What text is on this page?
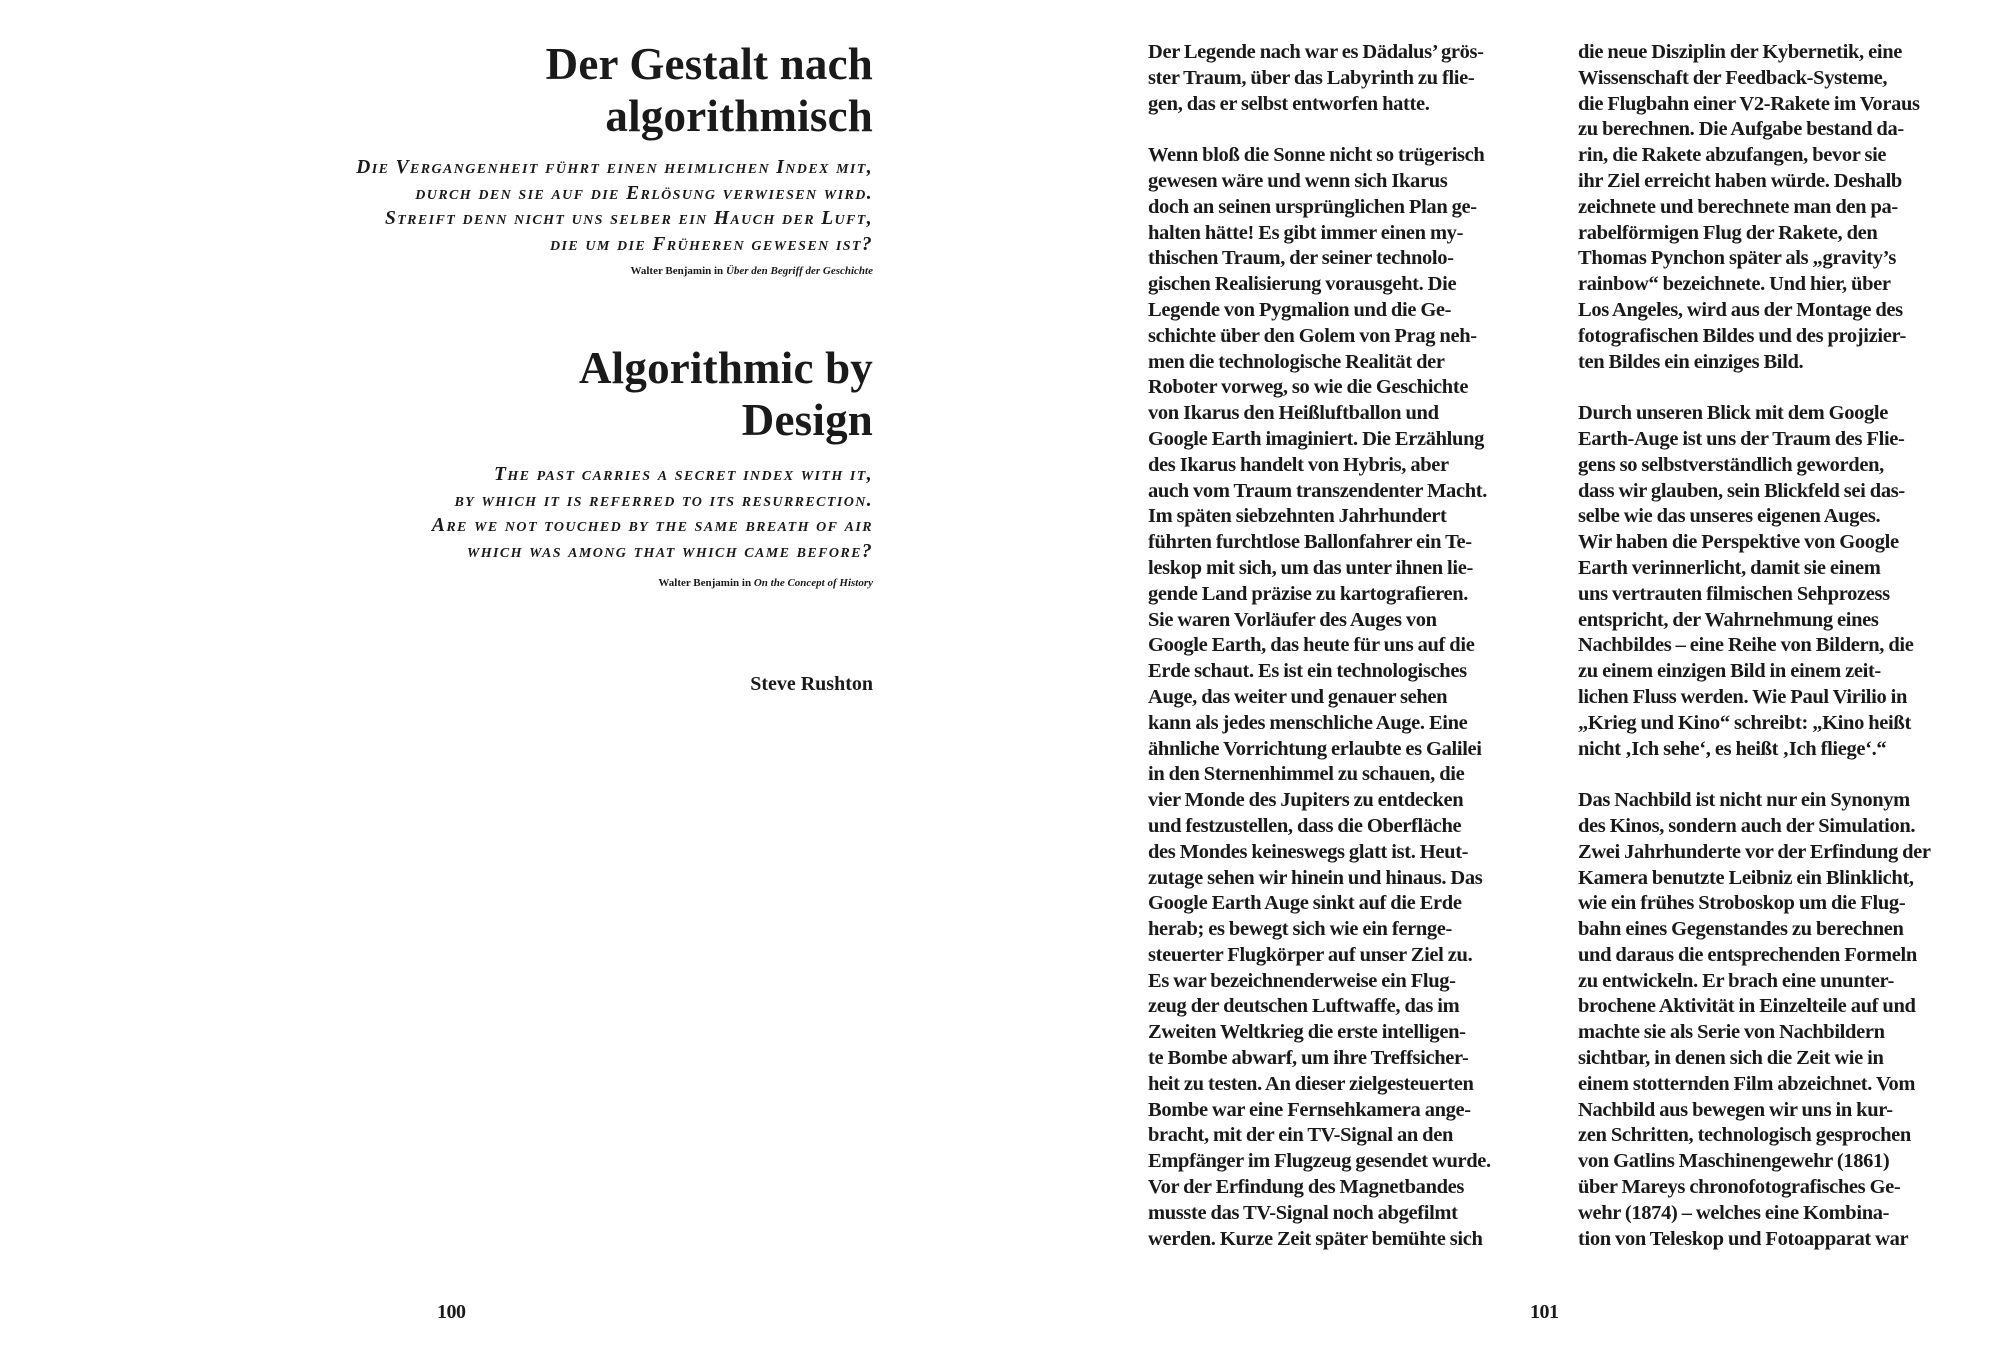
Der Gestalt nach
algorithmisch

Die Vergangenheit führt einen heimlichen Index mit,
durch den sie auf die Erlösung verwiesen wird.
Streift denn nicht uns selber ein Hauch der Luft,
die um die Früheren gewesen ist?

Walter Benjamin in Über den Begriff der Geschichte

Algorithmic by
Design

The past carries a secret index with it,
by which it is referred to its resurrection.
Are we not touched by the same breath of air
which was among that which came before?

Walter Benjamin in On the Concept of History

Steve Rushton

100

Der Legende nach war es Dädalus’ grös-
ster Traum, über das Labyrinth zu flie-
gen, das er selbst entworfen hatte.

Wenn bloß die Sonne nicht so trügerisch
gewesen wäre und wenn sich Ikarus
doch an seinen ursprünglichen Plan ge-
halten hätte! Es gibt immer einen my-
thischen Traum, der seiner technolo-
gischen Realisierung vorausgeht. Die
Legende von Pygmalion und die Ge-
schichte über den Golem von Prag neh-
men die technologische Realität der
Roboter vorweg, so wie die Geschichte
von Ikarus den Heißluftballon und
Google Earth imaginiert. Die Erzählung
des Ikarus handelt von Hybris, aber
auch vom Traum transzendenter Macht.
Im späten siebzehnten Jahrhundert
führten furchtlose Ballonfahrer ein Te-
leskop mit sich, um das unter ihnen lie-
gende Land präzise zu kartografieren.
Sie waren Vorläufer des Auges von
Google Earth, das heute für uns auf die
Erde schaut. Es ist ein technologisches
Auge, das weiter und genauer sehen
kann als jedes menschliche Auge. Eine
ähnliche Vorrichtung erlaubte es Galilei
in den Sternenhimmel zu schauen, die
vier Monde des Jupiters zu entdecken
und festzustellen, dass die Oberfläche
des Mondes keineswegs glatt ist. Heut-
zutage sehen wir hinein und hinaus. Das
Google Earth Auge sinkt auf die Erde
herab; es bewegt sich wie ein fernge-
steuerter Flugkörper auf unser Ziel zu.
Es war bezeichnenderweise ein Flug-
zeug der deutschen Luftwaffe, das im
Zweiten Weltkrieg die erste intelligen-
te Bombe abwarf, um ihre Treffsicher-
heit zu testen. An dieser zielgesteuerten
Bombe war eine Fernsehkamera ange-
bracht, mit der ein TV-Signal an den
Empfänger im Flugzeug gesendet wurde.
Vor der Erfindung des Magnetbandes
musste das TV-Signal noch abgefilmt
werden. Kurze Zeit später bemühte sich

die neue Disziplin der Kybernetik, eine
Wissenschaft der Feedback-Systeme,
die Flugbahn einer V2-Rakete im Voraus
zu berechnen. Die Aufgabe bestand da-
rin, die Rakete abzufangen, bevor sie
ihr Ziel erreicht haben würde. Deshalb
zeichnete und berechnete man den pa-
rabelförmigen Flug der Rakete, den
Thomas Pynchon später als „gravity’s
rainbow“ bezeichnete. Und hier, über
Los Angeles, wird aus der Montage des
fotografischen Bildes und des projizier-
ten Bildes ein einziges Bild.

Durch unseren Blick mit dem Google
Earth-Auge ist uns der Traum des Flie-
gens so selbstverständlich geworden,
dass wir glauben, sein Blickfeld sei das-
selbe wie das unseres eigenen Auges.
Wir haben die Perspektive von Google
Earth verinnerlicht, damit sie einem
uns vertrauten filmischen Sehprozess
entspricht, der Wahrnehmung eines
Nachbildes – eine Reihe von Bildern, die
zu einem einzigen Bild in einem zeit-
lichen Fluss werden. Wie Paul Virilio in
„Krieg und Kino“ schreibt: „Kino heißt
nicht ‚Ich sehe‘, es heißt ‚Ich fliege‘.“

Das Nachbild ist nicht nur ein Synonym
des Kinos, sondern auch der Simulation.
Zwei Jahrhunderte vor der Erfindung der
Kamera benutzte Leibniz ein Blinklicht,
wie ein frühes Stroboskop um die Flug-
bahn eines Gegenstandes zu berechnen
und daraus die entsprechenden Formeln
zu entwickeln. Er brach eine ununter-
brochene Aktivität in Einzelteile auf und
machte sie als Serie von Nachbildern
sichtbar, in denen sich die Zeit wie in
einem stotternden Film abzeichnet. Vom
Nachbild aus bewegen wir uns in kur-
zen Schritten, technologisch gesprochen
von Gatlins Maschinengewehr (1861)
über Mareys chronofotografisches Ge-
wehr (1874) – welches eine Kombina-
tion von Teleskop und Fotoapparat war

101
